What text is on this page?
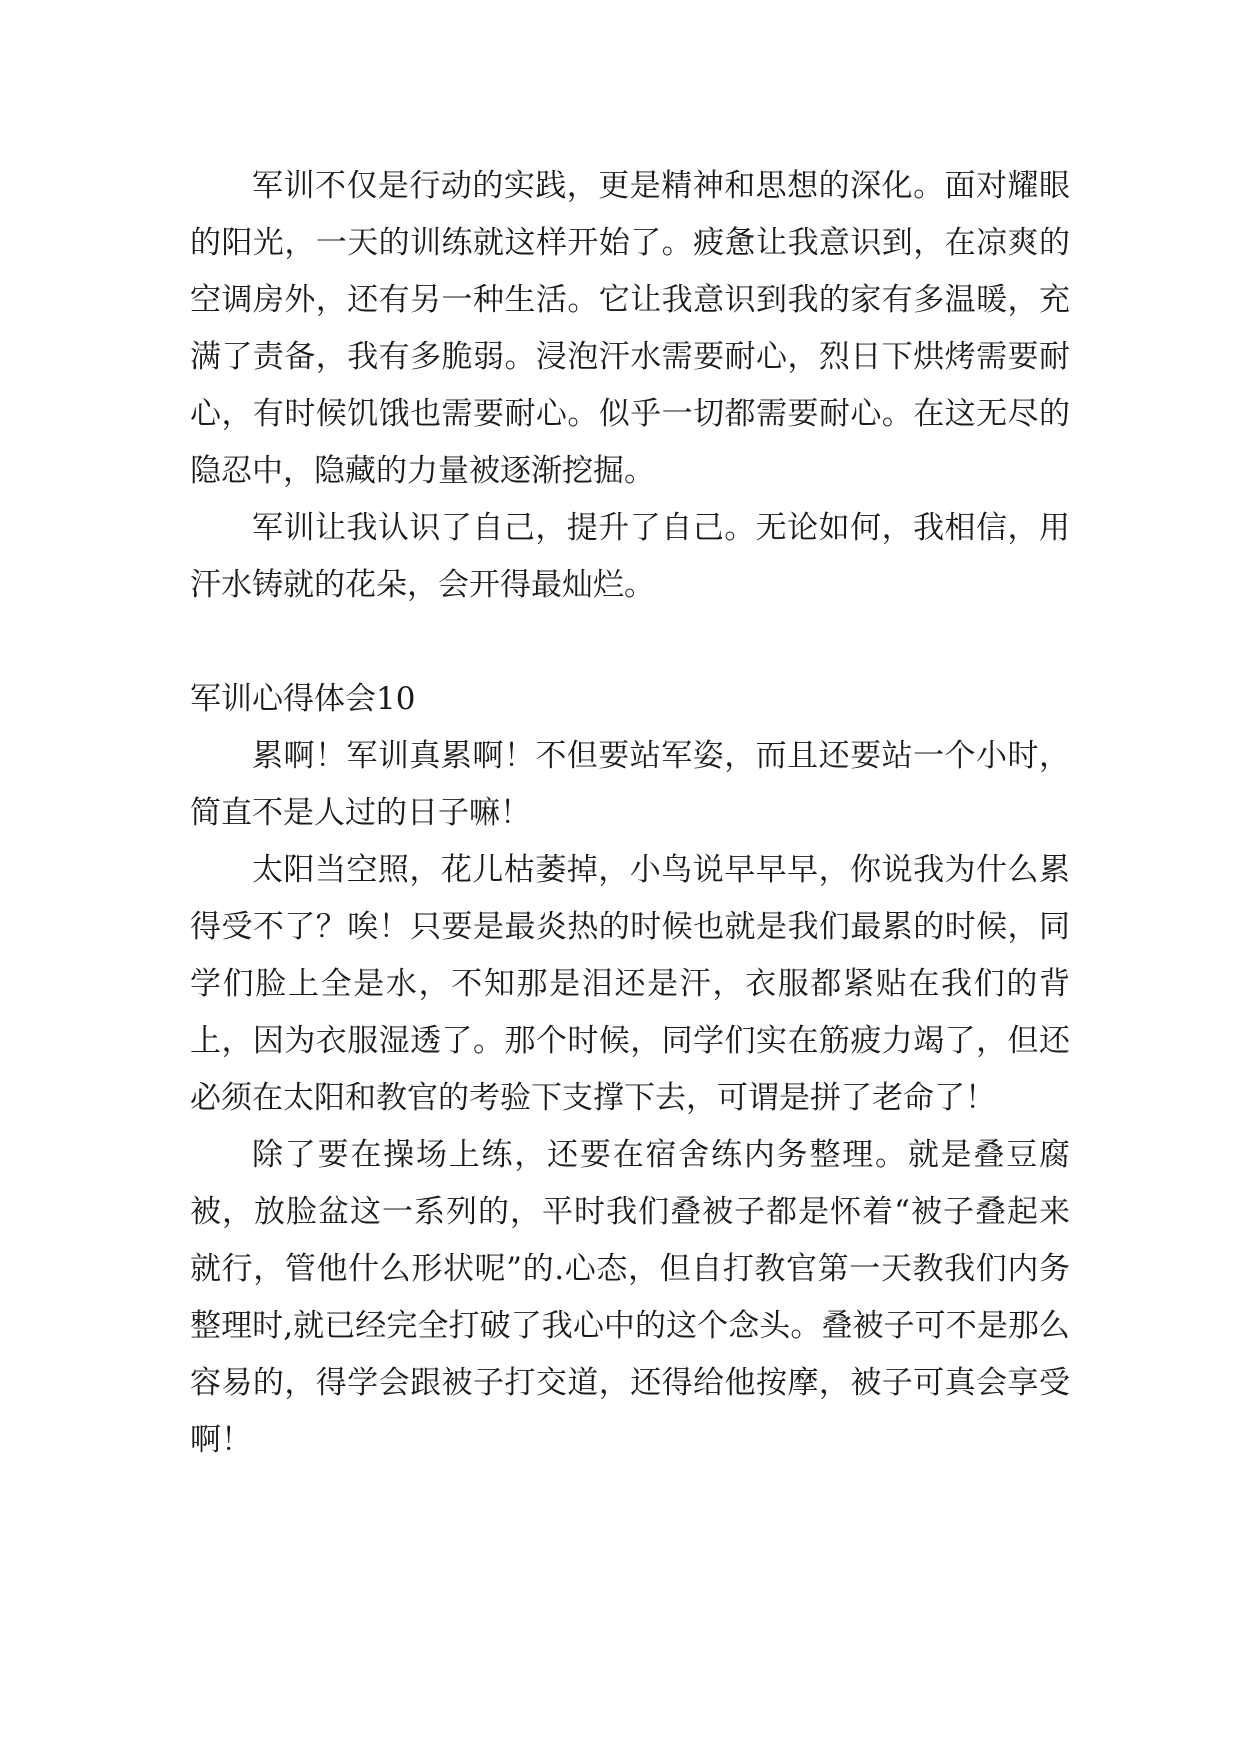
军训不仅是行动的实践，更是精神和思想的深化。面对耀眼的阳光，一天的训练就这样开始了。疲惫让我意识到，在凉爽的空调房外，还有另一种生活。它让我意识到我的家有多温暖，充满了责备，我有多脆弱。浸泡汗水需要耐心，烈日下烘烤需要耐心，有时候饥饿也需要耐心。似乎一切都需要耐心。在这无尽的隐忍中，隐藏的力量被逐渐挖掘。

军训让我认识了自己，提升了自己。无论如何，我相信，用汗水铸就的花朵，会开得最灿烂。

军训心得体会10

累啊！军训真累啊！不但要站军姿，而且还要站一个小时，简直不是人过的日子嘛！

太阳当空照，花儿枯萎掉，小鸟说早早早，你说我为什么累得受不了？唉！只要是最炎热的时候也就是我们最累的时候，同学们脸上全是水，不知那是泪还是汗，衣服都紧贴在我们的背上，因为衣服湿透了。那个时候，同学们实在筋疲力竭了，但还必须在太阳和教官的考验下支撑下去，可谓是拼了老命了！

除了要在操场上练，还要在宿舍练内务整理。就是叠豆腐被，放脸盆这一系列的，平时我们叠被子都是怀着“被子叠起来就行，管他什么形状呢”的.心态，但自打教官第一天教我们内务整理时,就已经完全打破了我心中的这个念头。叠被子可不是那么容易的，得学会跟被子打交道，还得给他按摩，被子可真会享受啊！
